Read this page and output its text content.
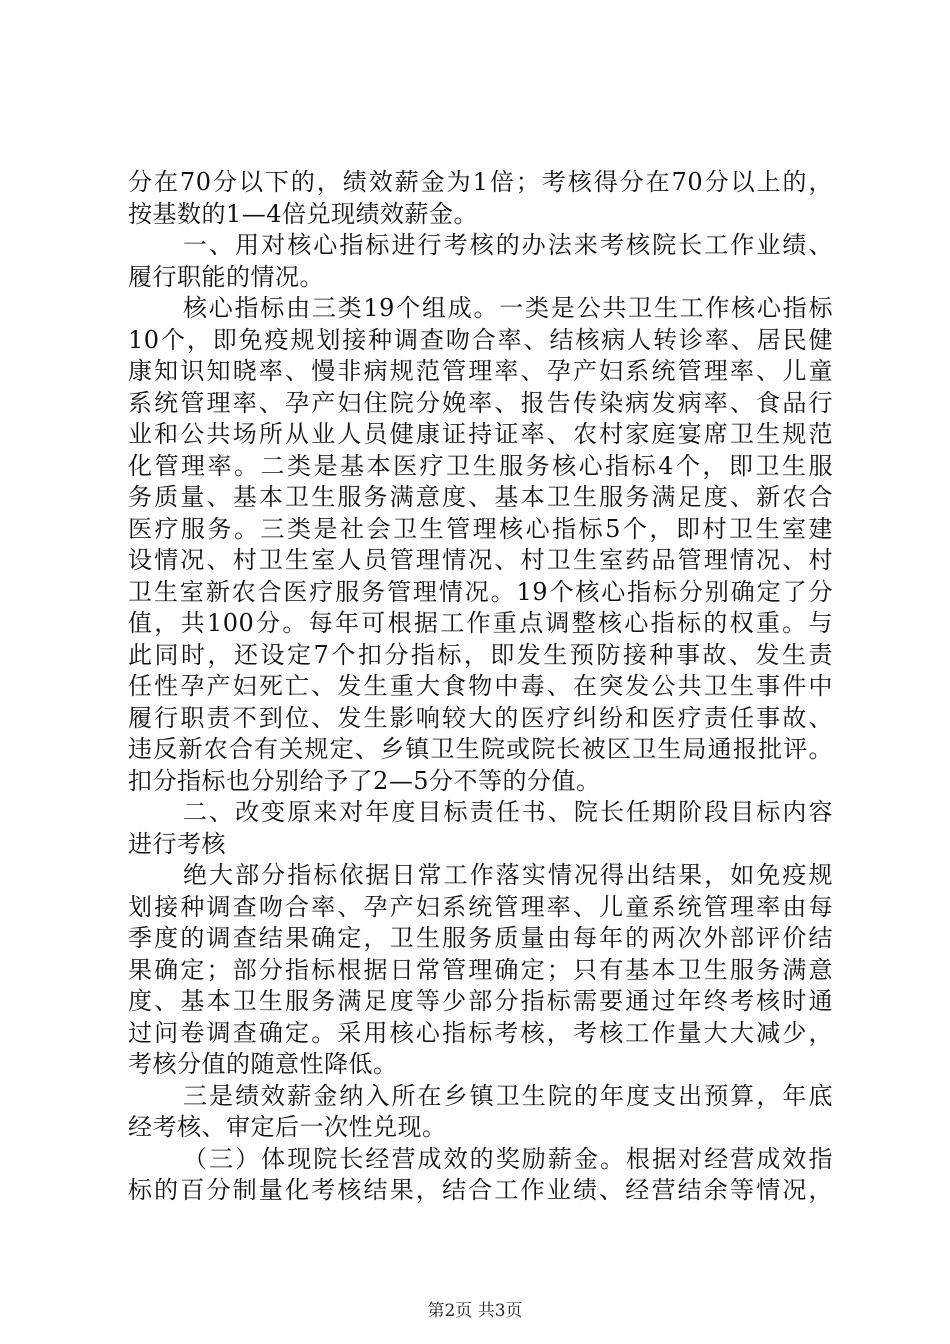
分在70分以下的，绩效薪金为1倍；考核得分在70分以上的，
按基数的1—4倍兑现绩效薪金。
一、用对核心指标进行考核的办法来考核院长工作业绩、
履行职能的情况。
核心指标由三类19个组成。一类是公共卫生工作核心指标
10个，即免疫规划接种调查吻合率、结核病人转诊率、居民健
康知识知晓率、慢非病规范管理率、孕产妇系统管理率、儿童
系统管理率、孕产妇住院分娩率、报告传染病发病率、食品行
业和公共场所从业人员健康证持证率、农村家庭宴席卫生规范
化管理率。二类是基本医疗卫生服务核心指标4个，即卫生服
务质量、基本卫生服务满意度、基本卫生服务满足度、新农合
医疗服务。三类是社会卫生管理核心指标5个，即村卫生室建
设情况、村卫生室人员管理情况、村卫生室药品管理情况、村
卫生室新农合医疗服务管理情况。19个核心指标分别确定了分
值，共100分。每年可根据工作重点调整核心指标的权重。与
此同时，还设定7个扣分指标，即发生预防接种事故、发生责
任性孕产妇死亡、发生重大食物中毒、在突发公共卫生事件中
履行职责不到位、发生影响较大的医疗纠纷和医疗责任事故、
违反新农合有关规定、乡镇卫生院或院长被区卫生局通报批评。
扣分指标也分别给予了2—5分不等的分值。
二、改变原来对年度目标责任书、院长任期阶段目标内容
进行考核
绝大部分指标依据日常工作落实情况得出结果，如免疫规
划接种调查吻合率、孕产妇系统管理率、儿童系统管理率由每
季度的调查结果确定，卫生服务质量由每年的两次外部评价结
果确定；部分指标根据日常管理确定；只有基本卫生服务满意
度、基本卫生服务满足度等少部分指标需要通过年终考核时通
过问卷调查确定。采用核心指标考核，考核工作量大大减少，
考核分值的随意性降低。
三是绩效薪金纳入所在乡镇卫生院的年度支出预算，年底
经考核、审定后一次性兑现。
（三）体现院长经营成效的奖励薪金。根据对经营成效指
标的百分制量化考核结果，结合工作业绩、经营结余等情况，
第2页 共3页
